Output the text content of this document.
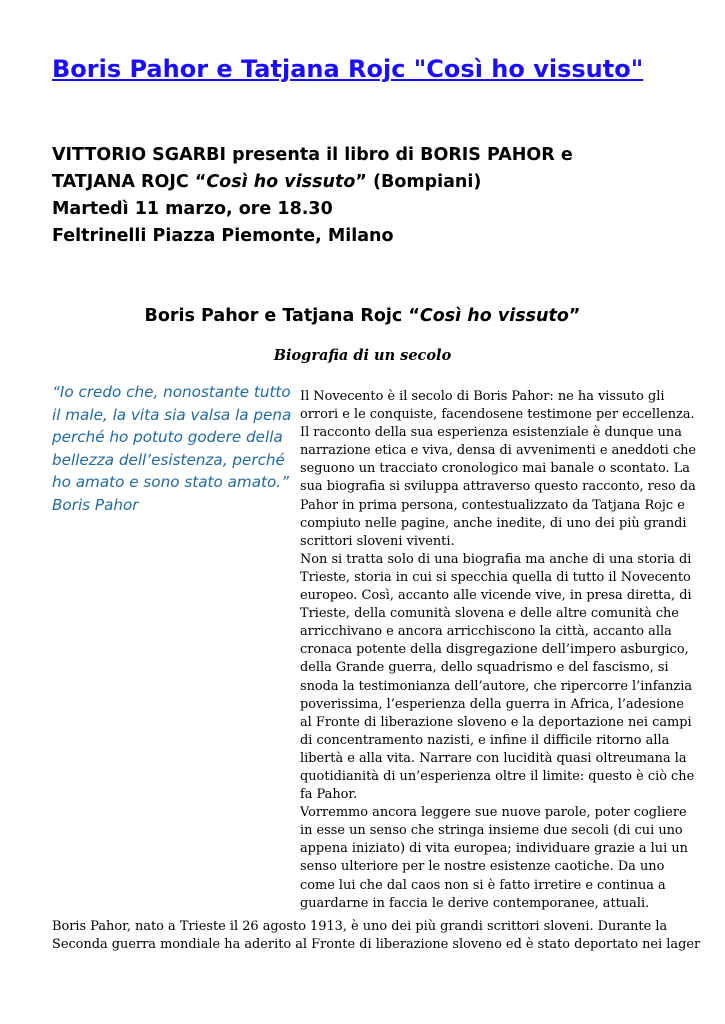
Boris Pahor e Tatjana Rojc "Così ho vissuto"
VITTORIO SGARBI presenta il libro di BORIS PAHOR e
TATJANA ROJC “Così ho vissuto” (Bompiani)
Martedì 11 marzo, ore 18.30
Feltrinelli Piazza Piemonte, Milano
Boris Pahor e Tatjana Rojc “Così ho vissuto”
Biografia di un secolo
“Io credo che, nonostante tutto
il male, la vita sia valsa la pena
perché ho potuto godere della
bellezza dell’esistenza, perché
ho amato e sono stato amato.”
Boris Pahor
Il Novecento è il secolo di Boris Pahor: ne ha vissuto gli
orrori e le conquiste, facendosene testimone per eccellenza.
Il racconto della sua esperienza esistenziale è dunque una
narrazione etica e viva, densa di avvenimenti e aneddoti che
seguono un tracciato cronologico mai banale o scontato. La
sua biografia si sviluppa attraverso questo racconto, reso da
Pahor in prima persona, contestualizzato da Tatjana Rojc e
compiuto nelle pagine, anche inedite, di uno dei più grandi
scrittori sloveni viventi.
Non si tratta solo di una biografia ma anche di una storia di
Trieste, storia in cui si specchia quella di tutto il Novecento
europeo. Così, accanto alle vicende vive, in presa diretta, di
Trieste, della comunità slovena e delle altre comunità che
arricchivano e ancora arricchiscono la città, accanto alla
cronaca potente della disgregazione dell’impero asburgico,
della Grande guerra, dello squadrismo e del fascismo, si
snoda la testimonianza dell’autore, che ripercorre l’infanzia
poverissima, l’esperienza della guerra in Africa, l’adesione
al Fronte di liberazione sloveno e la deportazione nei campi
di concentramento nazisti, e infine il difficile ritorno alla
libertà e alla vita. Narrare con lucidità quasi oltreumana la
quotidianità di un’esperienza oltre il limite: questo è ciò che
fa Pahor.
Vorremmo ancora leggere sue nuove parole, poter cogliere
in esse un senso che stringa insieme due secoli (di cui uno
appena iniziato) di vita europea; individuare grazie a lui un
senso ulteriore per le nostre esistenze caotiche. Da uno
come lui che dal caos non si è fatto irretire e continua a
guardarne in faccia le derive contemporanee, attuali.
Boris Pahor, nato a Trieste il 26 agosto 1913, è uno dei più grandi scrittori sloveni. Durante la
Seconda guerra mondiale ha aderito al Fronte di liberazione sloveno ed è stato deportato nei lager
